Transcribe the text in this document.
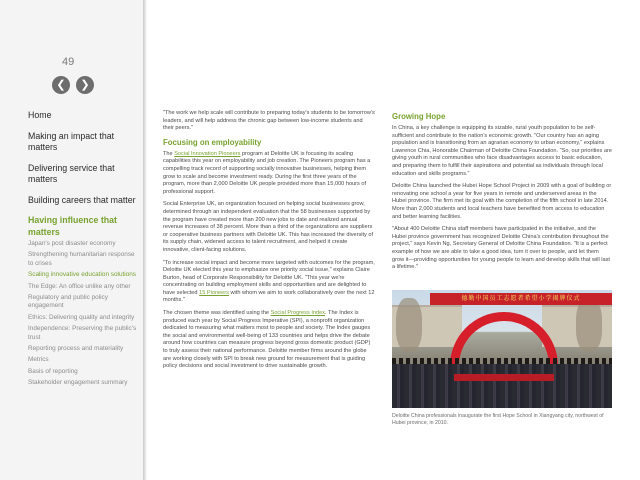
49
❮	❯
Home
Making an impact that matters
Delivering service that matters
Building careers that matter
Having influence that matters
Japan's post disaster economy
Strengthening humanitarian response to crises
Scaling innovative education solutions
The Edge: An office unlike any other
Regulatory and public policy engagement
Ethics: Delivering quality and integrity
Independence: Preserving the public's trust
Reporting process and materiality
Metrics
Basis of reporting
Stakeholder engagement summary

"The work we help scale will contribute to preparing today's students to be tomorrow's leaders, and will help address the chronic gap between low-income students and their peers."

Focusing on employability

The Social Innovation Pioneers program at Deloitte UK is focusing its scaling capabilities this year on employability and job creation. The Pioneers program has a compelling track record of supporting socially innovative businesses, helping them grow to scale and become investment ready. During the first three years of the program, more than 2,000 Deloitte UK people provided more than 15,000 hours of professional support.

Social Enterprise UK, an organization focused on helping social businesses grow, determined through an independent evaluation that the 58 businesses supported by the program have created more than 200 new jobs to date and realized annual revenue increases of 38 percent. More than a third of the organizations are suppliers or cooperative business partners with Deloitte UK. This has increased the diversity of its supply chain, widened access to talent recruitment, and helped it create innovative, client-facing solutions.

"To increase social impact and become more targeted with outcomes for the program, Deloitte UK elected this year to emphasize one priority social issue," explains Claire Burton, head of Corporate Responsibility for Deloitte UK. "This year we're concentrating on building employment skills and opportunities and are delighted to have selected 15 Pioneers with whom we aim to work collaboratively over the next 12 months."

The chosen theme was identified using the Social Progress Index. The Index is produced each year by Social Progress Imperative (SPI), a nonprofit organization dedicated to measuring what matters most to people and society. The Index gauges the social and environmental well-being of 133 countries and helps drive the debate around how countries can measure progress beyond gross domestic product (GDP) to truly assess their national performance. Deloitte member firms around the globe are working closely with SPI to break new ground for measurement that is guiding policy decisions and social investment to drive sustainable growth.

Growing Hope

In China, a key challenge is equipping its sizable, rural youth population to be self-sufficient and contribute to the nation's economic growth. "Our country has an aging population and is transitioning from an agrarian economy to urban economy," explains Lawrence Chia, Honorable Chairman of Deloitte China Foundation. "So, our priorities are giving youth in rural communities who face disadvantages access to basic education, and preparing them to fulfill their aspirations and potential as individuals through local education and skills programs."

Deloitte China launched the Hubei Hope School Project in 2009 with a goal of building or renovating one school a year for five years in remote and underserved areas in the Hubei province. The firm met its goal with the completion of the fifth school in late 2014. More than 2,000 students and local teachers have benefited from access to education and better learning facilities.

"About 400 Deloitte China staff members have participated in the initiative, and the Hubei province government has recognized Deloitte China's contribution throughout the project," says Kevin Ng, Secretary General of Deloitte China Foundation. "It is a perfect example of how we are able to take a good idea, turn it over to people, and let them grow it—providing opportunities for young people to learn and develop skills that will last a lifetime."

德勤中国员工志愿者希望小学揭牌仪式
Deloitte China professionals inaugurate the first Hope School in Xiangyang city, northwest of Hubei province, in 2010.
